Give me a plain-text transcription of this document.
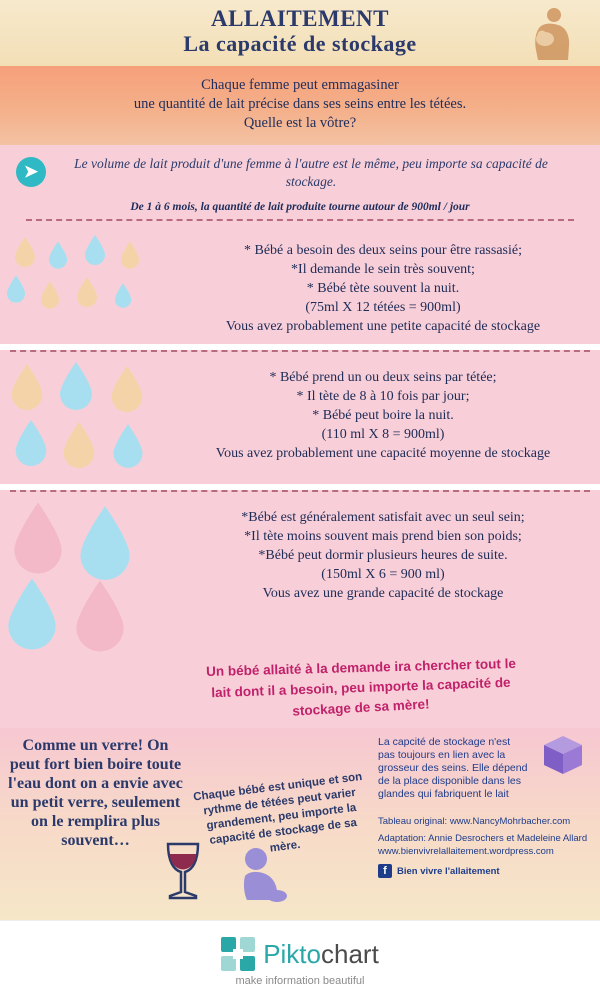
ALLAITEMENT
La capacité de stockage
Chaque femme peut emmagasiner
une quantité de lait précise dans ses seins entre les tétées.
Quelle est la vôtre?
➤	Le volume de lait produit d'une femme à l'autre est le même, peu importe sa capacité de stockage.
De 1 à 6 mois, la quantité de lait produite tourne autour de 900ml / jour
* Bébé a besoin des deux seins pour être rassasié;
*Il demande le sein très souvent;
* Bébé tète souvent la nuit.
(75ml X 12 tétées = 900ml)
Vous avez probablement une petite capacité de stockage
* Bébé prend un ou deux seins par tétée;
* Il tète de 8 à 10 fois par jour;
* Bébé peut boire la nuit.
(110 ml X 8 = 900ml)
Vous avez probablement une capacité moyenne de stockage
*Bébé est généralement satisfait avec un seul sein;
*Il tète moins souvent mais prend bien son poids;
*Bébé peut dormir plusieurs heures de suite.
(150ml X 6 = 900 ml)
Vous avez une grande capacité de stockage
Un bébé allaité à la demande ira chercher tout le
lait dont il a besoin, peu importe la capacité de
stockage de sa mère!
Comme un verre! On peut fort bien boire toute l'eau dont on a envie avec un petit verre, seulement on le remplira plus souvent…
Chaque bébé est unique et son rythme de tétées peut varier grandement, peu importe la capacité de stockage de sa mère.
La capcité de stockage n'est pas toujours en lien avec la grosseur des seins. Elle dépend de la place disponible dans les glandes qui fabriquent le lait
Tableau original: www.NancyMohrbacher.com
Adaptation: Annie Desrochers et Madeleine Allard
www.bienvivrelallaitement.wordpress.com
f	Bien vivre l'allaitement
Piktochart
make information beautiful
